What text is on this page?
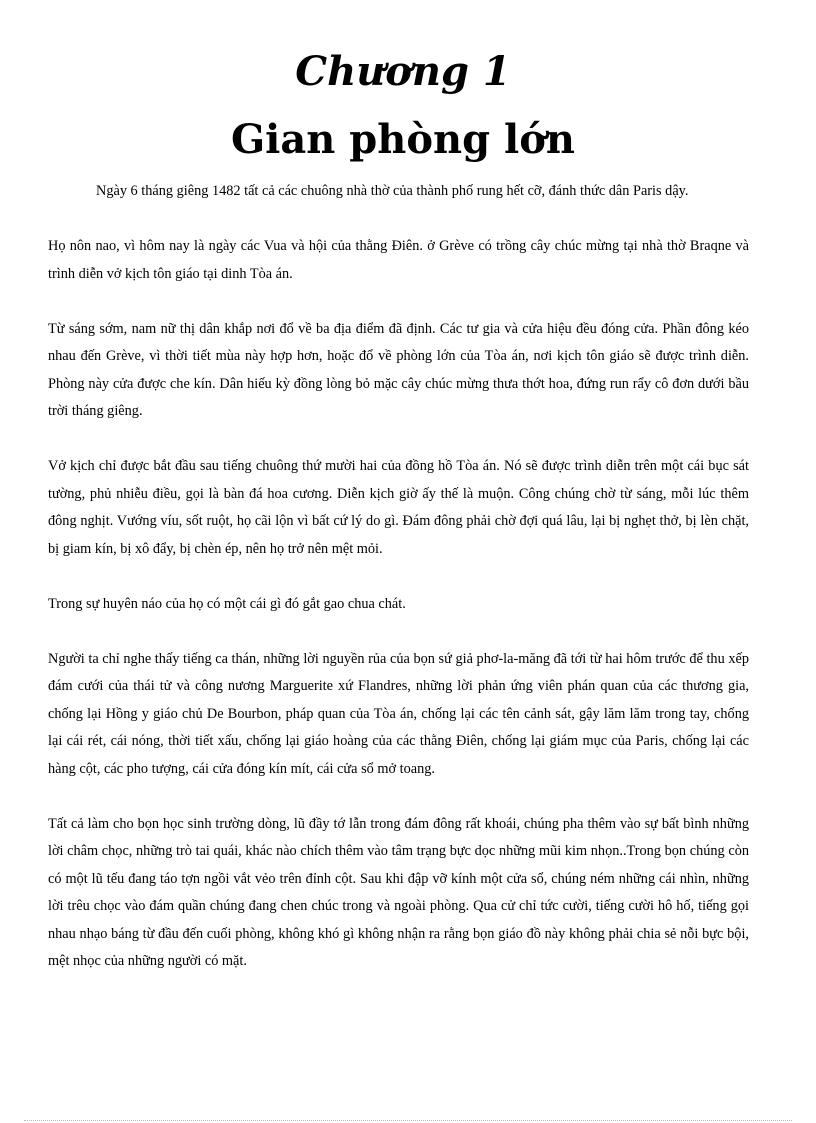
Chương 1
Gian phòng lớn

Ngày 6 tháng giêng 1482 tất cả các chuông nhà thờ của thành phố rung hết cỡ, đánh thức dân Paris dậy.

Họ nôn nao, vì hôm nay là ngày các Vua và hội của thằng Điên. ở Grève có trồng cây chúc mừng tại nhà thờ Braqne và trình diễn vở kịch tôn giáo tại dinh Tòa án.

Từ sáng sớm, nam nữ thị dân khắp nơi đổ về ba địa điểm đã định. Các tư gia và cửa hiệu đều đóng cửa. Phần đông kéo nhau đến Grève, vì thời tiết mùa này hợp hơn, hoặc đổ về phòng lớn của Tòa án, nơi kịch tôn giáo sẽ được trình diễn. Phòng này cửa được che kín. Dân hiếu kỳ đồng lòng bỏ mặc cây chúc mừng thưa thớt hoa, đứng run rẩy cô đơn dưới bầu trời tháng giêng.

Vở kịch chỉ được bắt đầu sau tiếng chuông thứ mười hai của đồng hồ Tòa án. Nó sẽ được trình diễn trên một cái bục sát tường, phủ nhiễu điều, gọi là bàn đá hoa cương. Diễn kịch giờ ấy thế là muộn. Công chúng chờ từ sáng, mỗi lúc thêm đông nghịt. Vướng víu, sốt ruột, họ cãi lộn vì bất cứ lý do gì. Đám đông phải chờ đợi quá lâu, lại bị nghẹt thở, bị lèn chặt, bị giam kín, bị xô đẩy, bị chèn ép, nên họ trở nên mệt mỏi.

Trong sự huyên náo của họ có một cái gì đó gắt gao chua chát.

Người ta chỉ nghe thấy tiếng ca thán, những lời nguyền rủa của bọn sứ giả phơ-la-măng đã tới từ hai hôm trước để thu xếp đám cưới của thái tử và công nương Marguerite xứ Flandres, những lời phản ứng viên phán quan của các thương gia, chống lại Hồng y giáo chủ De Bourbon, pháp quan của Tòa án, chống lại các tên cảnh sát, gậy lăm lăm trong tay, chống lại cái rét, cái nóng, thời tiết xấu, chống lại giáo hoàng của các thằng Điên, chống lại giám mục của Paris, chống lại các hàng cột, các pho tượng, cái cửa đóng kín mít, cái cửa sổ mở toang.

Tất cả làm cho bọn học sinh trường dòng, lũ đầy tớ lẫn trong đám đông rất khoái, chúng pha thêm vào sự bất bình những lời châm chọc, những trò tai quái, khác nào chích thêm vào tâm trạng bực dọc những mũi kim nhọn..Trong bọn chúng còn có một lũ tếu đang táo tợn ngồi vắt vẻo trên đỉnh cột. Sau khi đập vỡ kính một cửa sổ, chúng ném những cái nhìn, những lời trêu chọc vào đám quần chúng đang chen chúc trong và ngoài phòng. Qua cử chỉ tức cười, tiếng cười hô hố, tiếng gọi nhau nhạo báng từ đầu đến cuối phòng, không khó gì không nhận ra rằng bọn giáo đồ này không phải chia sẻ nỗi bực bội, mệt nhọc của những người có mặt.
